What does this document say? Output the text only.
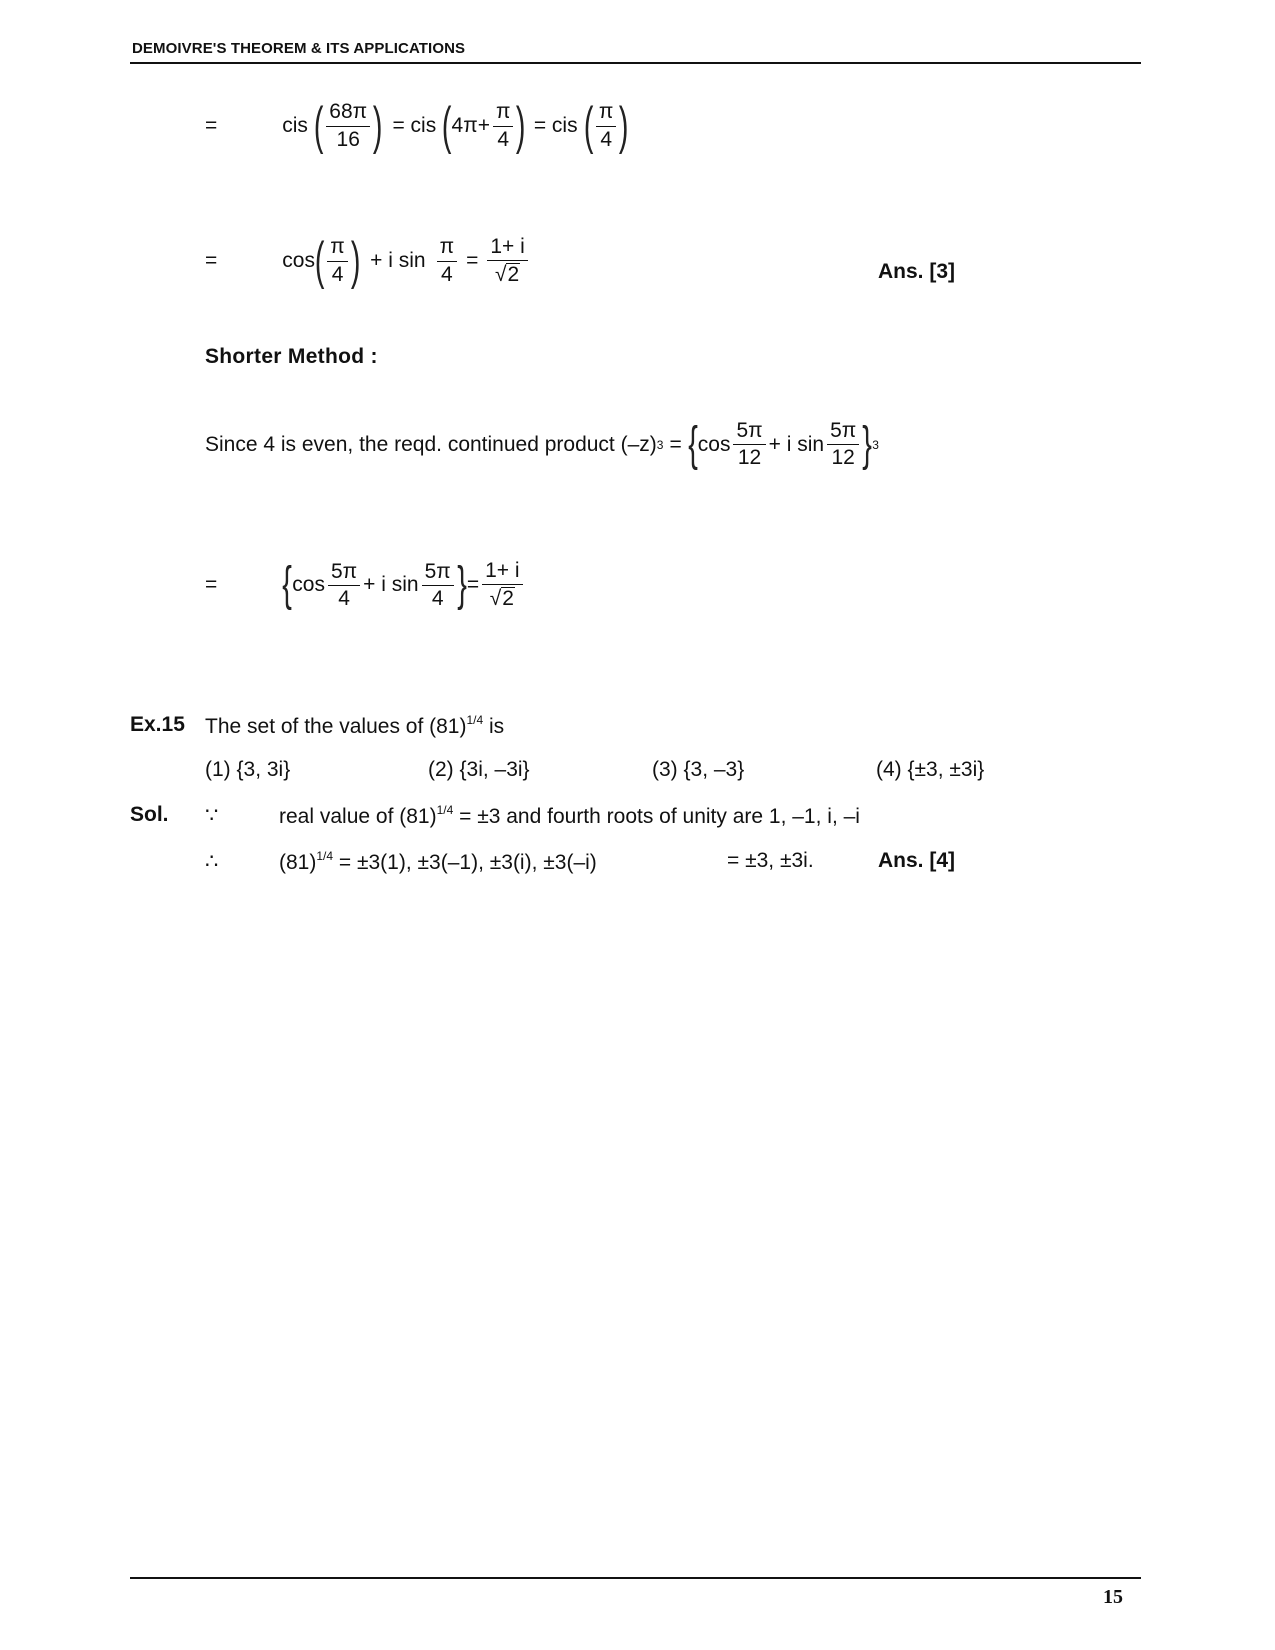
DEMOIVRE'S THEOREM & ITS APPLICATIONS
=	cis ( $\frac{68\pi}{16}$ ) = cis ( $4\pi+ \frac{\pi}{4}$ ) = cis ( $\frac{\pi}{4}$ )
=	cos ( $\frac{\pi}{4}$ ) + i $\sin \frac{\pi}{4} = \frac{1+ i}{√ 2}$	Ans. [3]
Shorter Method :
Since 4 is even, the reqd. continued product (–z) 3 = { $\cos \frac{5\pi}{12} + i$ $\sin \frac{5\pi}{12}$ } 3
= { $\cos \frac{5\pi}{4} + i$ $\sin \frac{5\pi}{4}$ } = $\frac{1+ i}{√ 2}$
Ex.15 The set of the values of $(81)^{1/4}$ is
(1) {3, 3i}	(2) {3i, –3i}	(3) {3, –3}	(4) {±3, ±3i}
Sol. ∵	real value of $(81)^{1/4} = \pm 3$ and fourth roots of unity are 1, –1, i, –i
∴	$(81)^{1/4} = \pm 3(1)$, ±3(–1), ±3(i), ±3(–i)	= ±3, ±3i.	Ans. [4]
15
